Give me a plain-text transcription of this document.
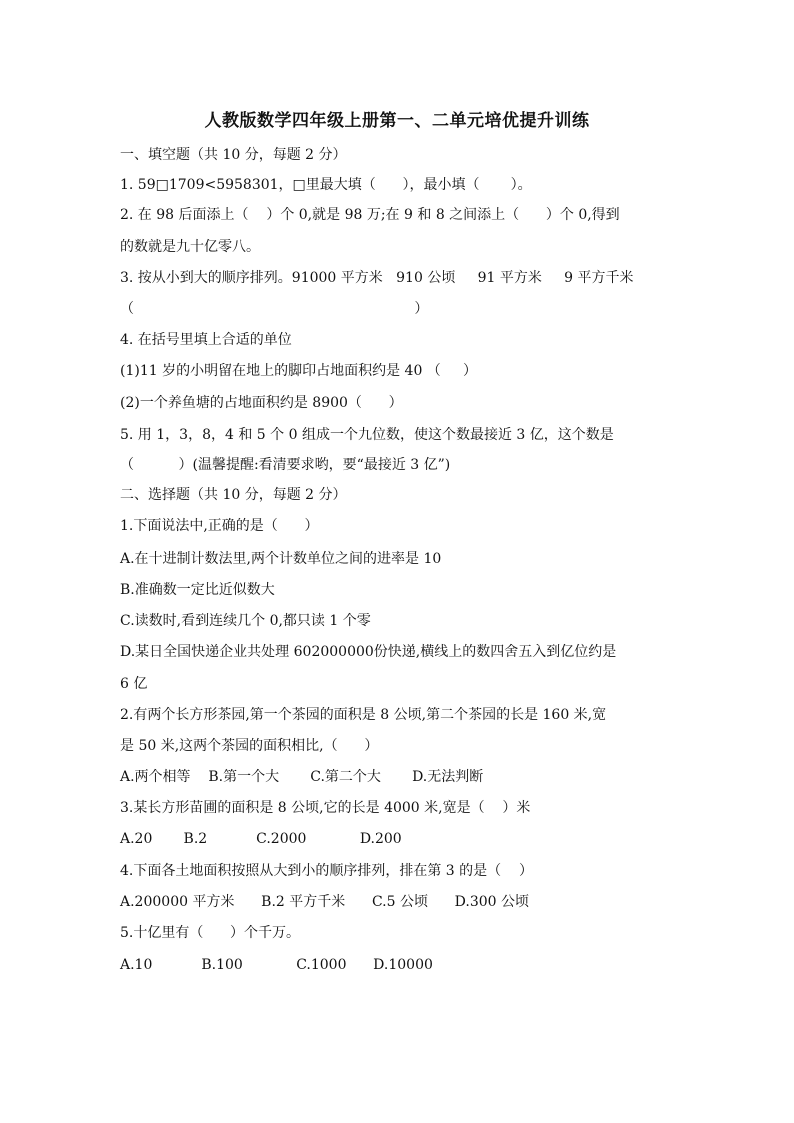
人教版数学四年级上册第一、二单元培优提升训练
一、填空题（共 10 分，每题 2 分）
1. 59□1709<5958301，□里最大填（      ），最小填（       ）。
2. 在 98 后面添上（    ）个 0,就是 98 万;在 9 和 8 之间添上（      ）个 0,得到
的数就是九十亿零八。
3. 按从小到大的顺序排列。91000 平方米   910 公顷     91 平方米     9 平方千米
（                                                               ）
4. 在括号里填上合适的单位
(1)11 岁的小明留在地上的脚印占地面积约是 40 （     ）
(2)一个养鱼塘的占地面积约是 8900（      ）
5. 用 1，3，8，4 和 5 个 0 组成一个九位数，使这个数最接近 3 亿，这个数是
（          ）(温馨提醒:看清要求哟，要“最接近 3 亿”)
二、选择题（共 10 分，每题 2 分）
1.下面说法中,正确的是（      ）
A.在十进制计数法里,两个计数单位之间的进率是 10
B.准确数一定比近似数大
C.读数时,看到连续几个 0,都只读 1 个零
D.某日全国快递企业共处理 602000000份快递,横线上的数四舍五入到亿位约是
6 亿
2.有两个长方形茶园,第一个茶园的面积是 8 公顷,第二个茶园的长是 160 米,宽
是 50 米,这两个茶园的面积相比,（      ）
A.两个相等    B.第一个大       C.第二个大       D.无法判断
3.某长方形苗圃的面积是 8 公顷,它的长是 4000 米,宽是（    ）米
A.20       B.2           C.2000            D.200
4.下面各土地面积按照从大到小的顺序排列，排在第 3 的是（    ）
A.200000 平方米      B.2 平方千米      C.5 公顷      D.300 公顷
5.十亿里有（      ）个千万。
A.10           B.100            C.1000      D.10000
